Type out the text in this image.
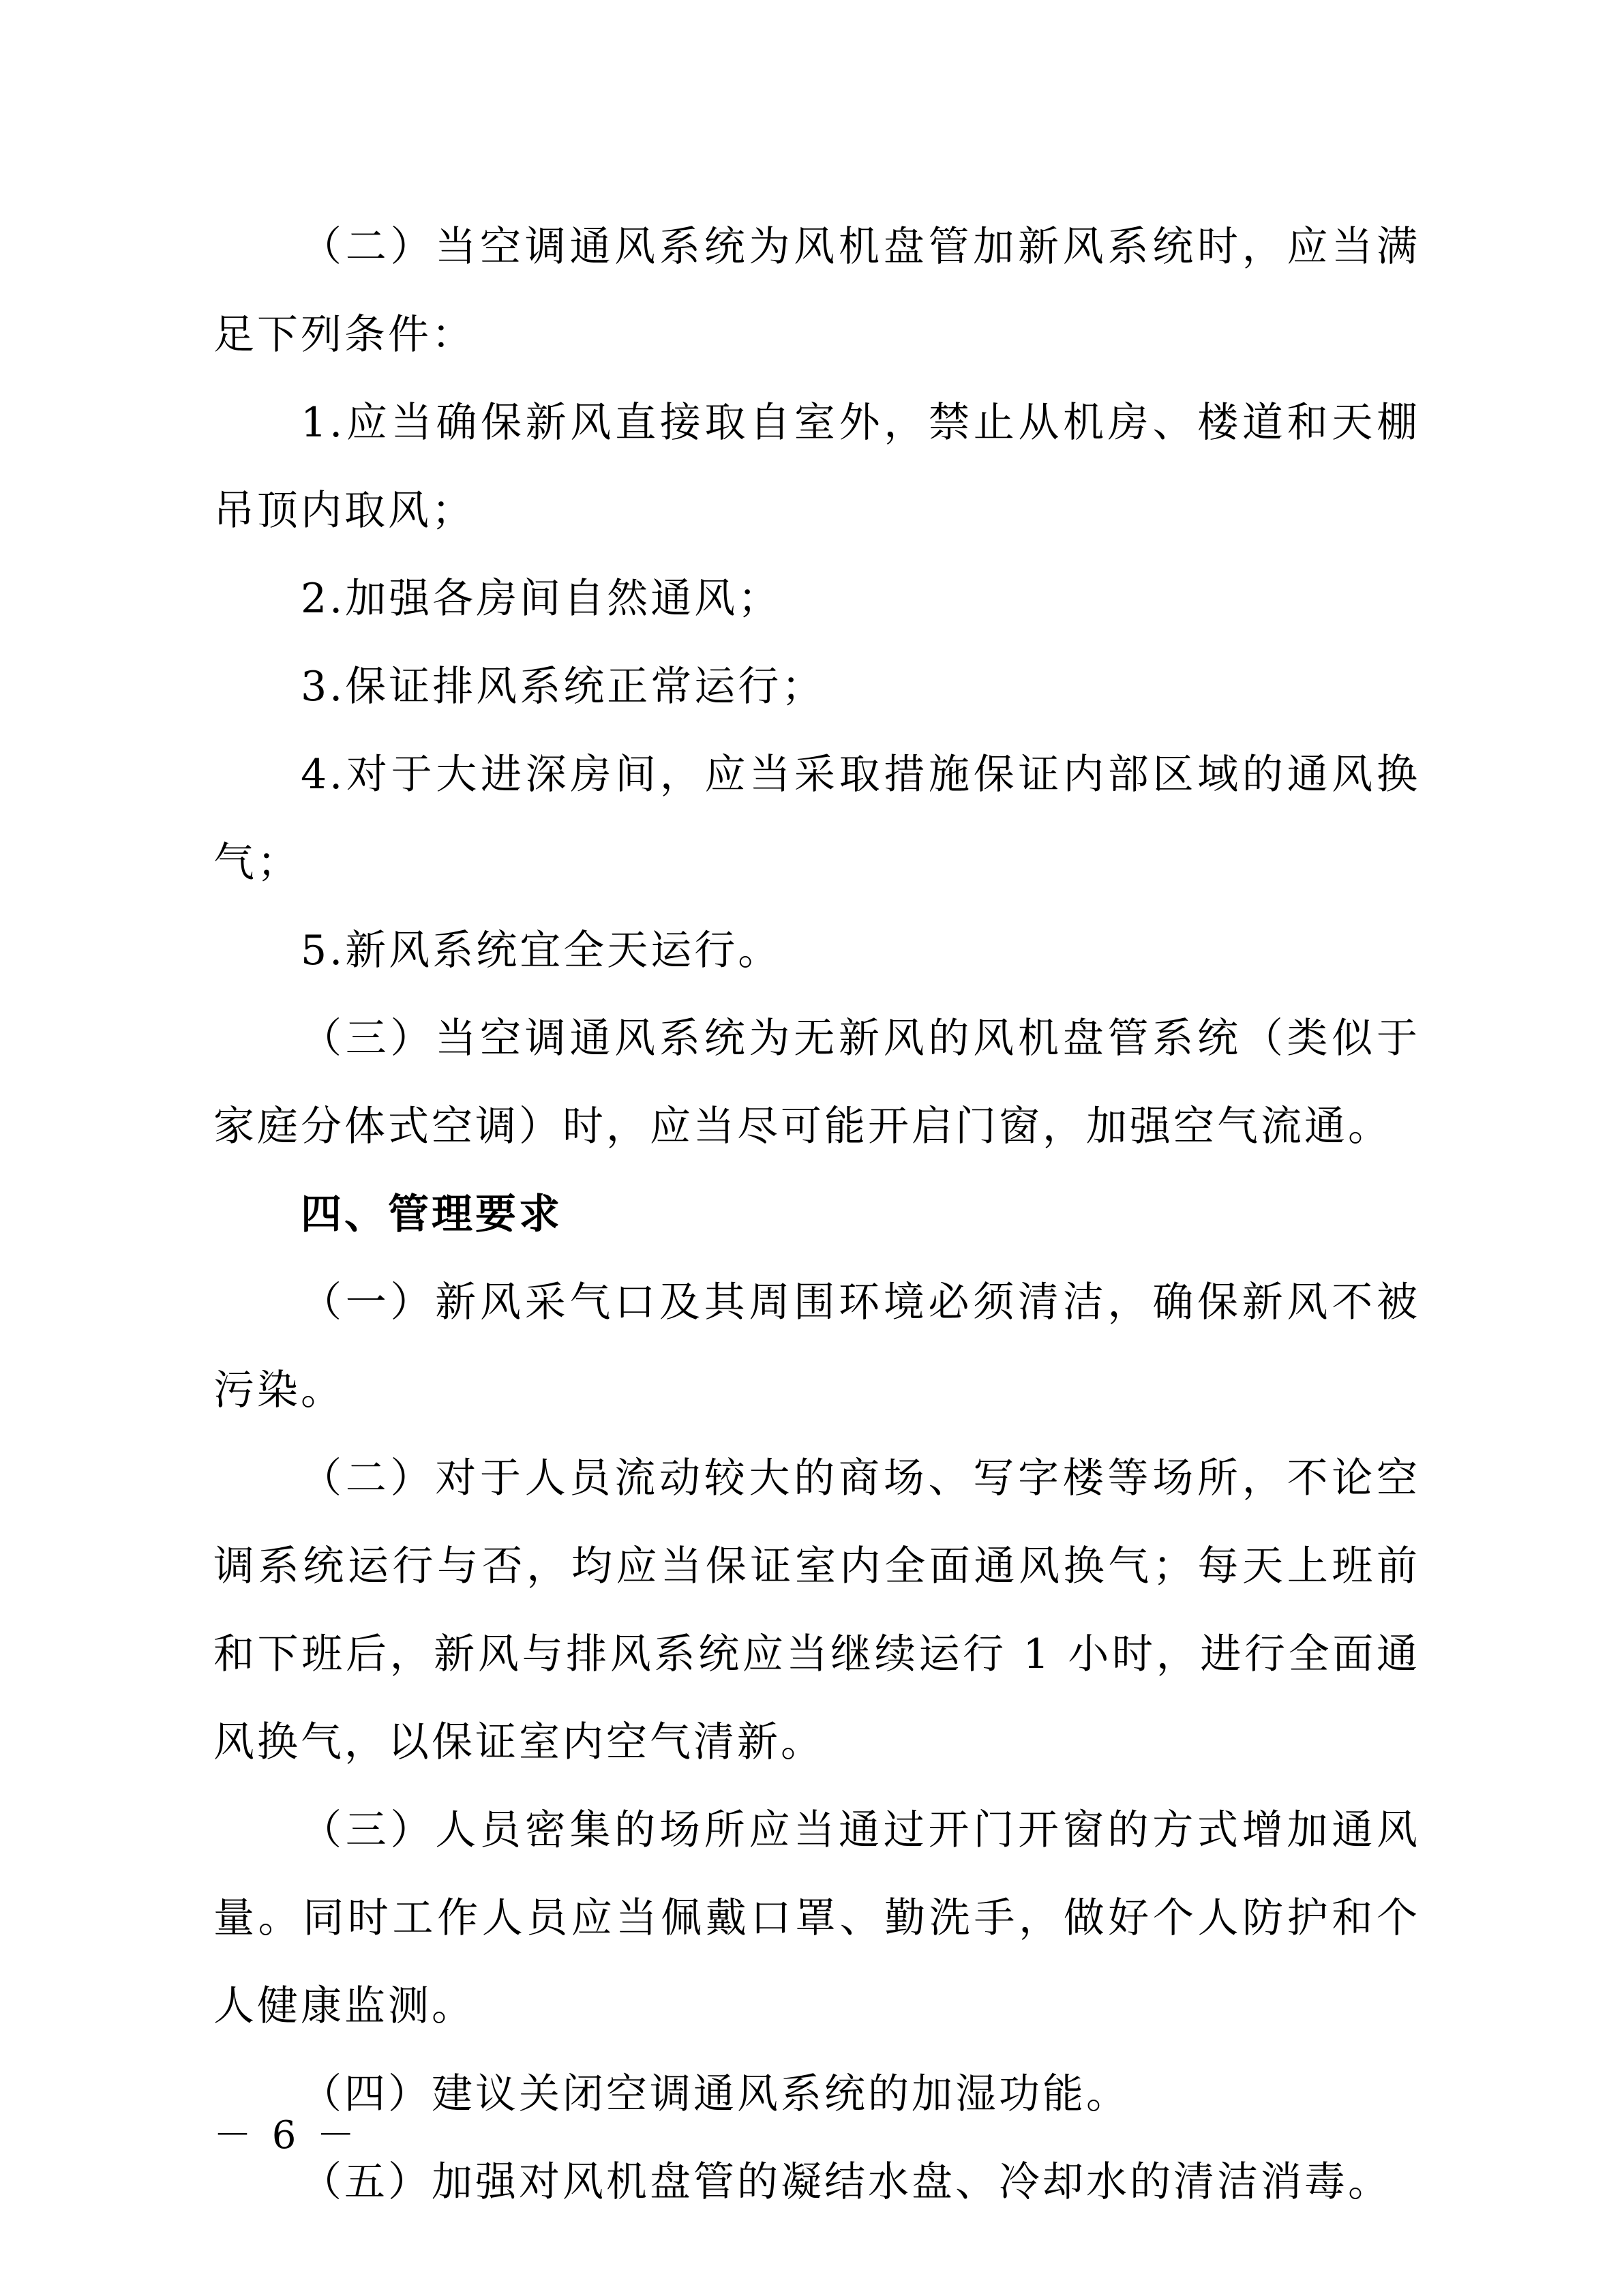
（二）当空调通风系统为风机盘管加新风系统时，应当满足下列条件：

1.应当确保新风直接取自室外，禁止从机房、楼道和天棚吊顶内取风；

2.加强各房间自然通风；

3.保证排风系统正常运行；

4.对于大进深房间，应当采取措施保证内部区域的通风换气；

5.新风系统宜全天运行。

（三）当空调通风系统为无新风的风机盘管系统（类似于家庭分体式空调）时，应当尽可能开启门窗，加强空气流通。

四、管理要求

（一）新风采气口及其周围环境必须清洁，确保新风不被污染。

（二）对于人员流动较大的商场、写字楼等场所，不论空调系统运行与否，均应当保证室内全面通风换气；每天上班前和下班后，新风与排风系统应当继续运行 1 小时，进行全面通风换气，以保证室内空气清新。

（三）人员密集的场所应当通过开门开窗的方式增加通风量。同时工作人员应当佩戴口罩、勤洗手，做好个人防护和个人健康监测。

（四）建议关闭空调通风系统的加湿功能。

（五）加强对风机盘管的凝结水盘、冷却水的清洁消毒。

－ 6 －
